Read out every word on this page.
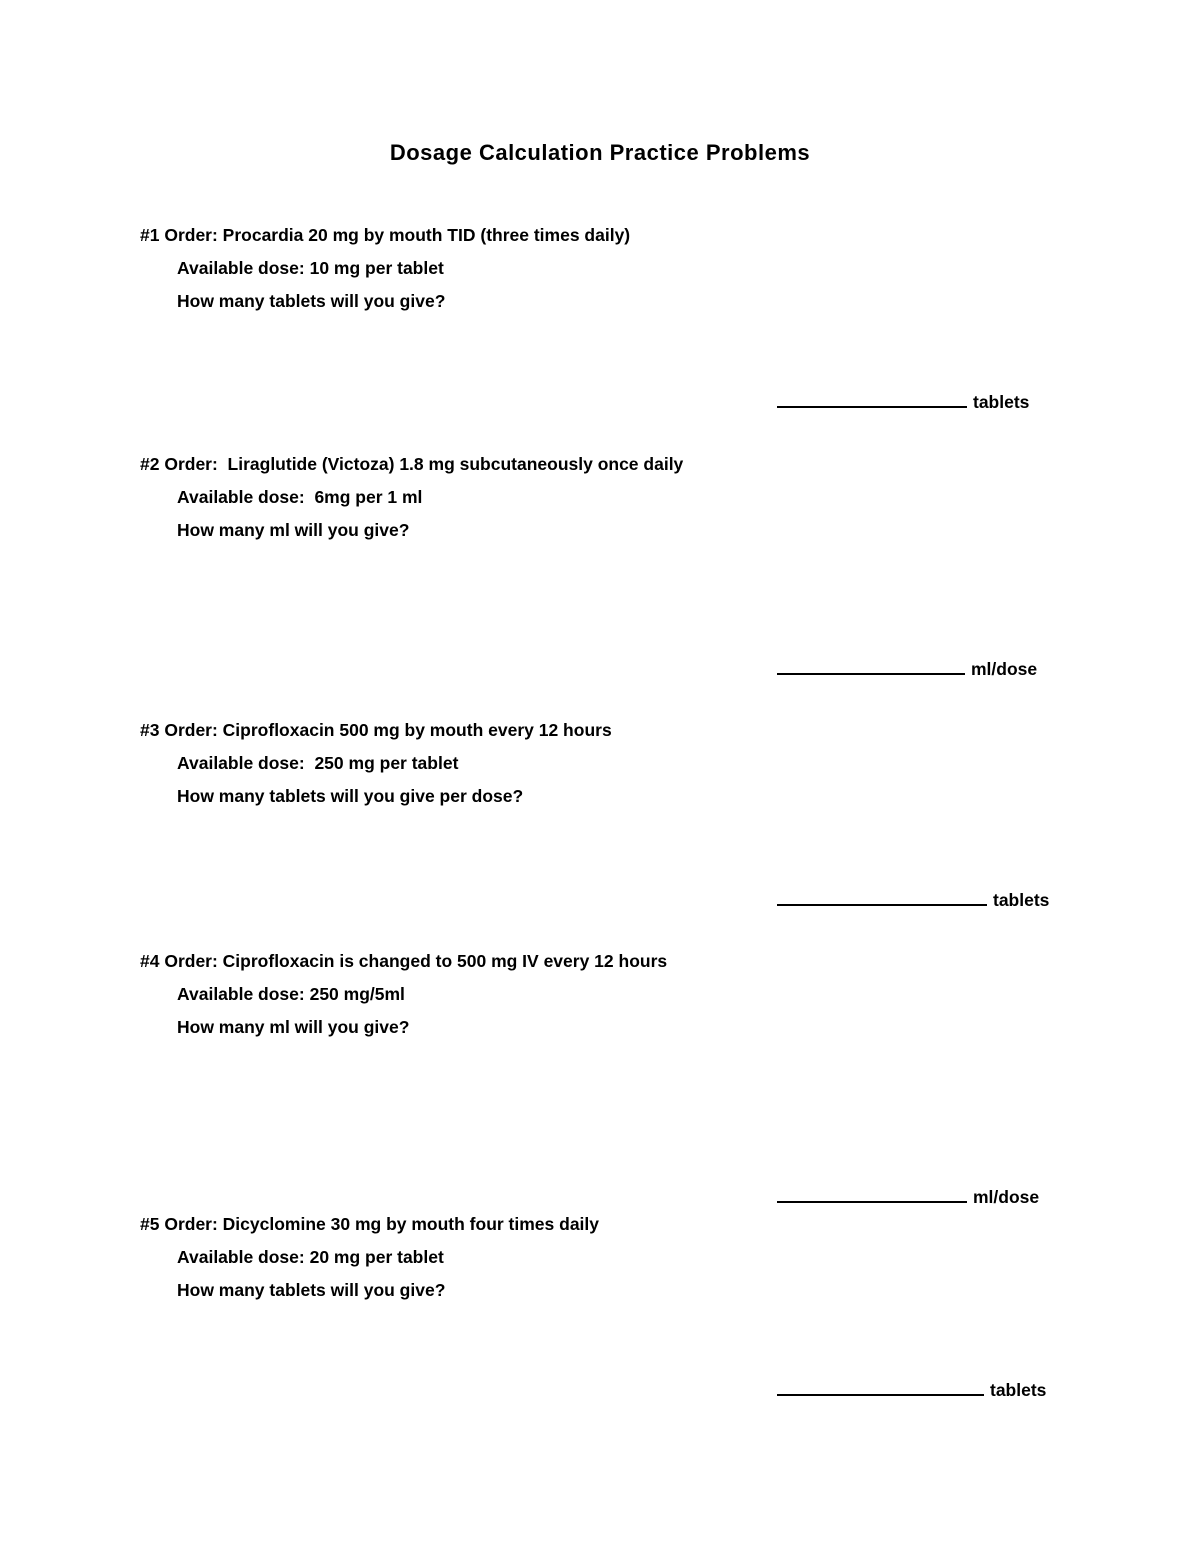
Dosage Calculation Practice Problems
#1 Order: Procardia 20 mg by mouth TID (three times daily)
Available dose: 10 mg per tablet
How many tablets will you give?
tablets
#2 Order:  Liraglutide (Victoza) 1.8 mg subcutaneously once daily
Available dose:  6mg per 1 ml
How many ml will you give?
ml/dose
#3 Order: Ciprofloxacin 500 mg by mouth every 12 hours
Available dose:  250 mg per tablet
How many tablets will you give per dose?
tablets
#4 Order: Ciprofloxacin is changed to 500 mg IV every 12 hours
Available dose: 250 mg/5ml
How many ml will you give?
ml/dose
#5 Order: Dicyclomine 30 mg by mouth four times daily
Available dose: 20 mg per tablet
How many tablets will you give?
tablets
